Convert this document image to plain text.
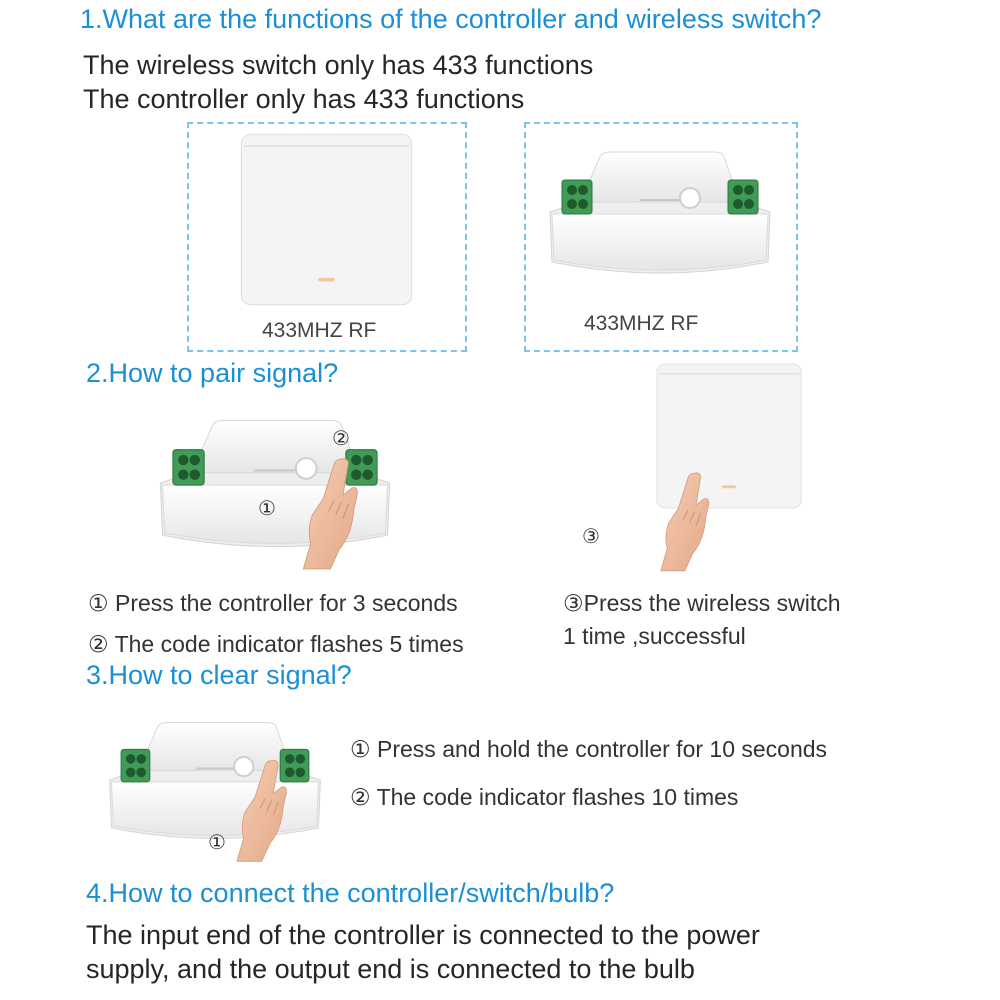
1.What are the functions of the controller and wireless switch?
The wireless switch only has 433 functions
The controller only has 433 functions
433MHZ RF	433MHZ RF
2.How to pair signal?
②
①
③
① Press the controller for 3 seconds
② The code indicator flashes 5 times
③Press the wireless switch
1 time ,successful
3.How to clear signal?
①
① Press and hold the controller for 10 seconds
② The code indicator flashes 10 times
4.How to connect the controller/switch/bulb?
The input end of the controller is connected to the power
supply, and the output end is connected to the bulb
